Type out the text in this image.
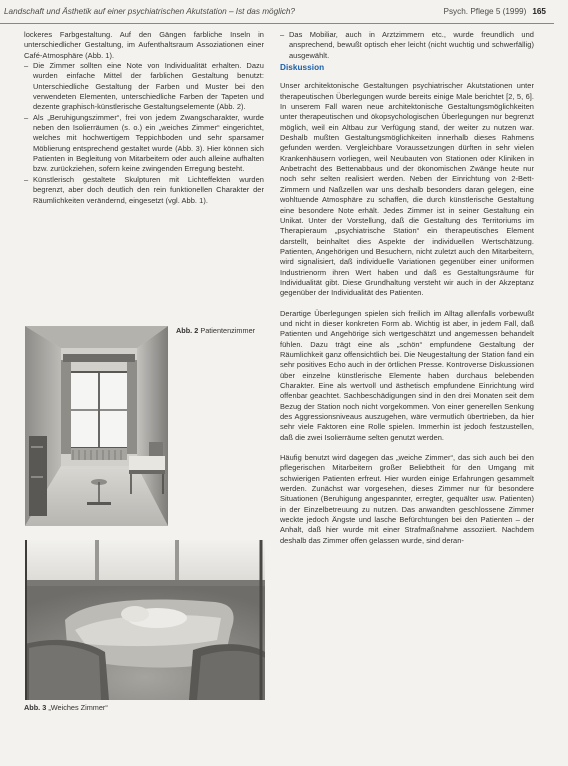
Landschaft und Ästhetik auf einer psychiatrischen Akutstation – Ist das möglich?	Psych. Pflege 5 (1999) 165
lockeres Farbgestaltung. Auf den Gängen farbliche Inseln in unterschiedlicher Gestaltung, im Aufenthaltsraum Assoziationen einer Café-Atmosphäre (Abb. 1).
– Die Zimmer sollten eine Note von Individualität erhalten. Dazu wurden einfache Mittel der farblichen Gestaltung benutzt: Unterschiedliche Gestaltung der Farben und Muster bei den verwendeten Elementen, unterschiedliche Farben der Tapeten und dezente graphisch-künstlerische Gestaltungselemente (Abb. 2).
– Als „Beruhigungszimmer“, frei von jedem Zwangscharakter, wurde neben den Isolierräumen (s. o.) ein „weiches Zimmer“ eingerichtet, welches mit hochwertigem Teppichboden und sehr sparsamer Möblierung entsprechend gestaltet wurde (Abb. 3). Hier können sich Patienten in Begleitung von Mitarbeitern oder auch alleine aufhalten bzw. zurückziehen, sofern keine zwingenden Erregung besteht.
– Künstlerisch gestaltete Skulpturen mit Lichteffekten wurden begrenzt, aber doch deutlich den rein funktionellen Charakter der Räumlichkeiten verändernd, eingesetzt (vgl. Abb. 1).
– Das Mobiliar, auch in Arztzimmern etc., wurde freundlich und ansprechend, bewußt optisch eher leicht (nicht wuchtig und schwerfällig) ausgewählt.
Diskussion

Unser architektonische Gestaltungen psychiatrischer Akutstationen unter therapeutischen Überlegungen wurde bereits einige Male berichtet [2, 5, 6]. In unserem Fall waren neue architektonische Gestaltungsmöglichkeiten unter therapeutischen und ökopsychologischen Überlegungen nur begrenzt möglich, weil ein Altbau zur Verfügung stand, der weiter zu nutzen war. Deshalb mußten Gestaltungsmöglichkeiten innerhalb dieses Rahmens gefunden werden. Vergleichbare Voraussetzungen dürften in sehr vielen Krankenhäusern vorliegen, weil Neubauten von Stationen oder Kliniken in Anbetracht des Bettenabbaus und der ökonomischen Zwänge heute nur noch sehr selten realisiert werden. Neben der Einrichtung von 2-Bett-Zimmern und Naßzellen war uns deshalb besonders daran gelegen, eine wohltuende Atmosphäre zu schaffen, die durch künstlerische Gestaltung eine besondere Note erhält. Jedes Zimmer ist in seiner Gestaltung ein Unikat. Unter der Vorstellung, daß die Gestaltung des Territoriums im Therapieraum „psychiatrische Station“ ein therapeutisches Element darstellt, beinhaltet dies Aspekte der individuellen Wertschätzung. Patienten, Angehörigen und Besuchern, nicht zuletzt auch den Mitarbeitern, wird signalisiert, daß individuelle Variationen gegenüber einer uniformen Industrienorm ihren Wert haben und daß es Gestaltungsräume für Individualität gibt. Diese Grundhaltung versteht wir auch in der Akzeptanz gegenüber der Individualität des Patienten.

Derartige Überlegungen spielen sich freilich im Alltag allenfalls vorbewußt und nicht in dieser konkreten Form ab. Wichtig ist aber, in jedem Fall, daß Patienten und Angehörige sich wertgeschätzt und angemessen behandelt fühlen. Dazu trägt eine als „schön“ empfundene Gestaltung der Räumlichkeit ganz offensichtlich bei. Die Neugestaltung der Station fand ein sehr positives Echo auch in der örtlichen Presse. Kontroverse Diskussionen über einzelne künstlerische Elemente haben durchaus belebenden Charakter. Eine als wertvoll und ästhetisch empfundene Einrichtung wird offenbar geachtet. Sachbeschädigungen sind in den drei Monaten seit dem Bezug der Station noch nicht vorgekommen. Von einer generellen Senkung des Aggressionsniveaus auszugehen, wäre vermutlich übertrieben, da hier sehr viele Faktoren eine Rolle spielen. Immerhin ist jedoch festzustellen, daß die zwei Isolierräume selten genutzt werden.

Häufig benutzt wird dagegen das „weiche Zimmer“, das sich auch bei den pflegerischen Mitarbeitern großer Beliebtheit für den Umgang mit schwierigen Patienten erfreut. Hier wurden einige Erfahrungen gesammelt werden. Zunächst war vorgesehen, dieses Zimmer nur für besondere Situationen (Beruhigung angespannter, erregter, gequälter usw. Patienten) in der Einzelbetreuung zu nutzen. Das anwandten geschlossene Zimmer weckte jedoch Ängste und lasche Befürchtungen bei den Patienten – der Anhalt, daß hier wurde mit einer Strafmaßnahme assoziiert. Nachdem deshalb das Zimmer offen gelassen wurde, sind deran-

Abb. 2 Patientenzimmer
Abb. 3 „Weiches Zimmer“
